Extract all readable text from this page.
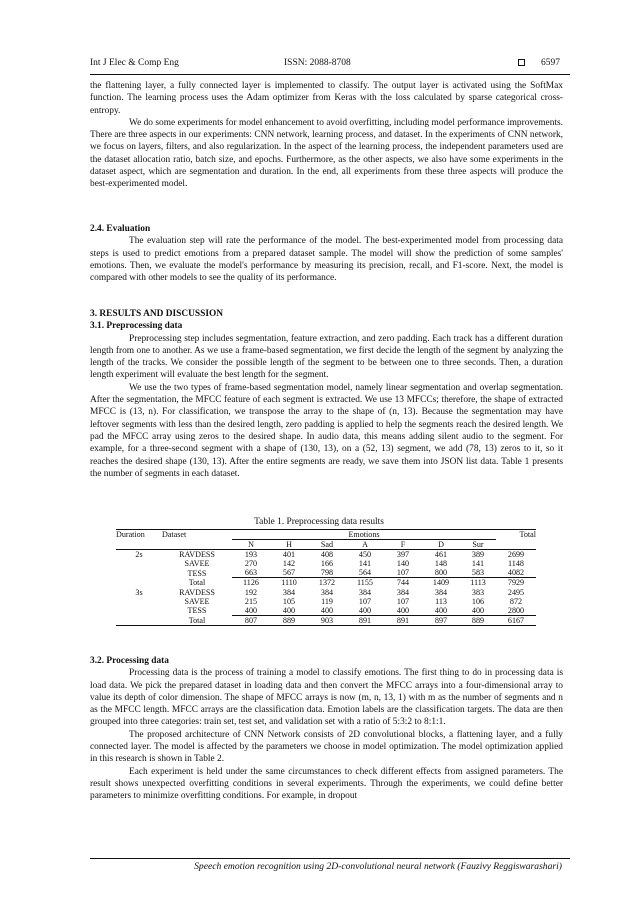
Int J Elec & Comp Eng	ISSN: 2088-8708	6597

the flattening layer, a fully connected layer is implemented to classify. The output layer is activated using the SoftMax function. The learning process uses the Adam optimizer from Keras with the loss calculated by sparse categorical cross-entropy.

We do some experiments for model enhancement to avoid overfitting, including model performance improvements. There are three aspects in our experiments: CNN network, learning process, and dataset. In the experiments of CNN network, we focus on layers, filters, and also regularization. In the aspect of the learning process, the independent parameters used are the dataset allocation ratio, batch size, and epochs. Furthermore, as the other aspects, we also have some experiments in the dataset aspect, which are segmentation and duration. In the end, all experiments from these three aspects will produce the best-experimented model.

2.4. Evaluation

The evaluation step will rate the performance of the model. The best-experimented model from processing data steps is used to predict emotions from a prepared dataset sample. The model will show the prediction of some samples' emotions. Then, we evaluate the model's performance by measuring its precision, recall, and F1-score. Next, the model is compared with other models to see the quality of its performance.

3. RESULTS AND DISCUSSION

3.1. Preprocessing data

Preprocessing step includes segmentation, feature extraction, and zero padding. Each track has a different duration length from one to another. As we use a frame-based segmentation, we first decide the length of the segment by analyzing the length of the tracks. We consider the possible length of the segment to be between one to three seconds. Then, a duration length experiment will evaluate the best length for the segment.

We use the two types of frame-based segmentation model, namely linear segmentation and overlap segmentation. After the segmentation, the MFCC feature of each segment is extracted. We use 13 MFCCs; therefore, the shape of extracted MFCC is (13, n). For classification, we transpose the array to the shape of (n, 13). Because the segmentation may have leftover segments with less than the desired length, zero padding is applied to help the segments reach the desired length. We pad the MFCC array using zeros to the desired shape. In audio data, this means adding silent audio to the segment. For example, for a three-second segment with a shape of (130, 13), on a (52, 13) segment, we add (78, 13) zeros to it, so it reaches the desired shape (130, 13). After the entire segments are ready, we save them into JSON list data. Table 1 presents the number of segments in each dataset.

Table 1. Preprocessing data results
Duration	Dataset	Emotions							Total
		N	H	Sad	A	F	D	Sur	
2s	RAVDESS	193	401	408	450	397	461	389	2699
	SAVEE	270	142	166	141	140	148	141	1148
	TESS	663	567	798	564	107	800	583	4082
	Total	1126	1110	1372	1155	744	1409	1113	7929
3s	RAVDESS	192	384	384	384	384	384	383	2495
	SAVEE	215	105	119	107	107	113	106	872
	TESS	400	400	400	400	400	400	400	2800
	Total	807	889	903	891	891	897	889	6167

3.2. Processing data

Processing data is the process of training a model to classify emotions. The first thing to do in processing data is load data. We pick the prepared dataset in loading data and then convert the MFCC arrays into a four-dimensional array to value its depth of color dimension. The shape of MFCC arrays is now (m, n, 13, 1) with m as the number of segments and n as the MFCC length. MFCC arrays are the classification data. Emotion labels are the classification targets. The data are then grouped into three categories: train set, test set, and validation set with a ratio of 5:3:2 to 8:1:1.

The proposed architecture of CNN Network consists of 2D convolutional blocks, a flattening layer, and a fully connected layer. The model is affected by the parameters we choose in model optimization. The model optimization applied in this research is shown in Table 2.

Each experiment is held under the same circumstances to check different effects from assigned parameters. The result shows unexpected overfitting conditions in several experiments. Through the experiments, we could define better parameters to minimize overfitting conditions. For example, in dropout

Speech emotion recognition using 2D-convolutional neural network (Fauzivy Reggiswarashari)
